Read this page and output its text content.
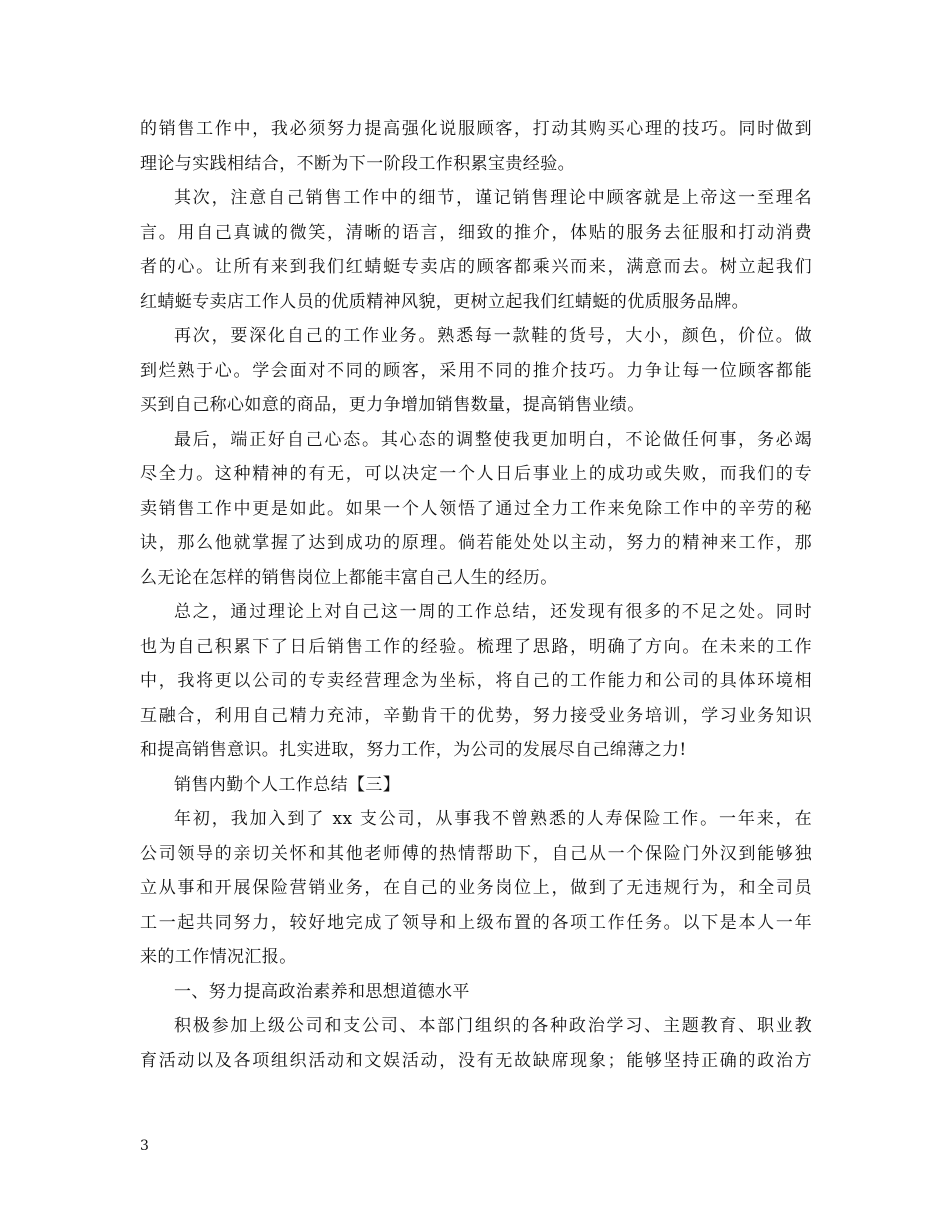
的销售工作中，我必须努力提高强化说服顾客，打动其购买心理的技巧。同时做到
理论与实践相结合，不断为下一阶段工作积累宝贵经验。
其次，注意自己销售工作中的细节，谨记销售理论中顾客就是上帝这一至理名
言。用自己真诚的微笑，清晰的语言，细致的推介，体贴的服务去征服和打动消费
者的心。让所有来到我们红蜻蜓专卖店的顾客都乘兴而来，满意而去。树立起我们
红蜻蜓专卖店工作人员的优质精神风貌，更树立起我们红蜻蜓的优质服务品牌。
再次，要深化自己的工作业务。熟悉每一款鞋的货号，大小，颜色，价位。做
到烂熟于心。学会面对不同的顾客，采用不同的推介技巧。力争让每一位顾客都能
买到自己称心如意的商品，更力争增加销售数量，提高销售业绩。
最后，端正好自己心态。其心态的调整使我更加明白，不论做任何事，务必竭
尽全力。这种精神的有无，可以决定一个人日后事业上的成功或失败，而我们的专
卖销售工作中更是如此。如果一个人领悟了通过全力工作来免除工作中的辛劳的秘
诀，那么他就掌握了达到成功的原理。倘若能处处以主动，努力的精神来工作，那
么无论在怎样的销售岗位上都能丰富自己人生的经历。
总之，通过理论上对自己这一周的工作总结，还发现有很多的不足之处。同时
也为自己积累下了日后销售工作的经验。梳理了思路，明确了方向。在未来的工作
中，我将更以公司的专卖经营理念为坐标，将自己的工作能力和公司的具体环境相
互融合，利用自己精力充沛，辛勤肯干的优势，努力接受业务培训，学习业务知识
和提高销售意识。扎实进取，努力工作，为公司的发展尽自己绵薄之力!
销售内勤个人工作总结【三】
年初，我加入到了 xx 支公司，从事我不曾熟悉的人寿保险工作。一年来，在
公司领导的亲切关怀和其他老师傅的热情帮助下，自己从一个保险门外汉到能够独
立从事和开展保险营销业务，在自己的业务岗位上，做到了无违规行为，和全司员
工一起共同努力，较好地完成了领导和上级布置的各项工作任务。以下是本人一年
来的工作情况汇报。
一、努力提高政治素养和思想道德水平
积极参加上级公司和支公司、本部门组织的各种政治学习、主题教育、职业教
育活动以及各项组织活动和文娱活动，没有无故缺席现象；能够坚持正确的政治方
3
